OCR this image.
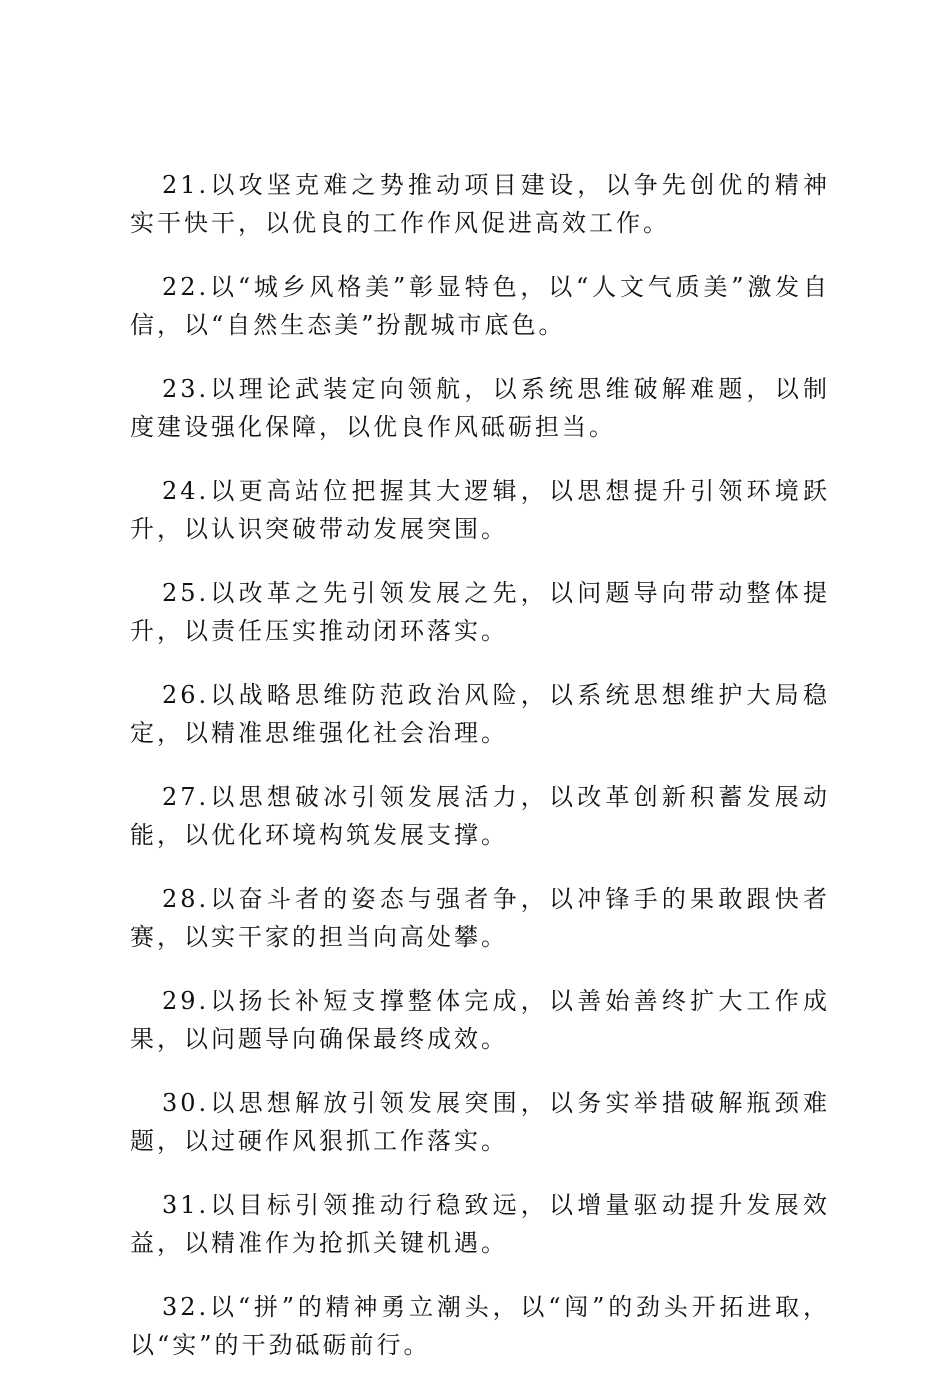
21.以攻坚克难之势推动项目建设，以争先创优的精神实干快干，以优良的工作作风促进高效工作。

22.以“城乡风格美”彰显特色，以“人文气质美”激发自信，以“自然生态美”扮靓城市底色。

23.以理论武装定向领航，以系统思维破解难题，以制度建设强化保障，以优良作风砥砺担当。

24.以更高站位把握其大逻辑，以思想提升引领环境跃升，以认识突破带动发展突围。

25.以改革之先引领发展之先，以问题导向带动整体提升，以责任压实推动闭环落实。

26.以战略思维防范政治风险，以系统思想维护大局稳定，以精准思维强化社会治理。

27.以思想破冰引领发展活力，以改革创新积蓄发展动能，以优化环境构筑发展支撑。

28.以奋斗者的姿态与强者争，以冲锋手的果敢跟快者赛，以实干家的担当向高处攀。

29.以扬长补短支撑整体完成，以善始善终扩大工作成果，以问题导向确保最终成效。

30.以思想解放引领发展突围，以务实举措破解瓶颈难题，以过硬作风狠抓工作落实。

31.以目标引领推动行稳致远，以增量驱动提升发展效益，以精准作为抢抓关键机遇。

32.以“拼”的精神勇立潮头，以“闯”的劲头开拓进取，以“实”的干劲砥砺前行。
